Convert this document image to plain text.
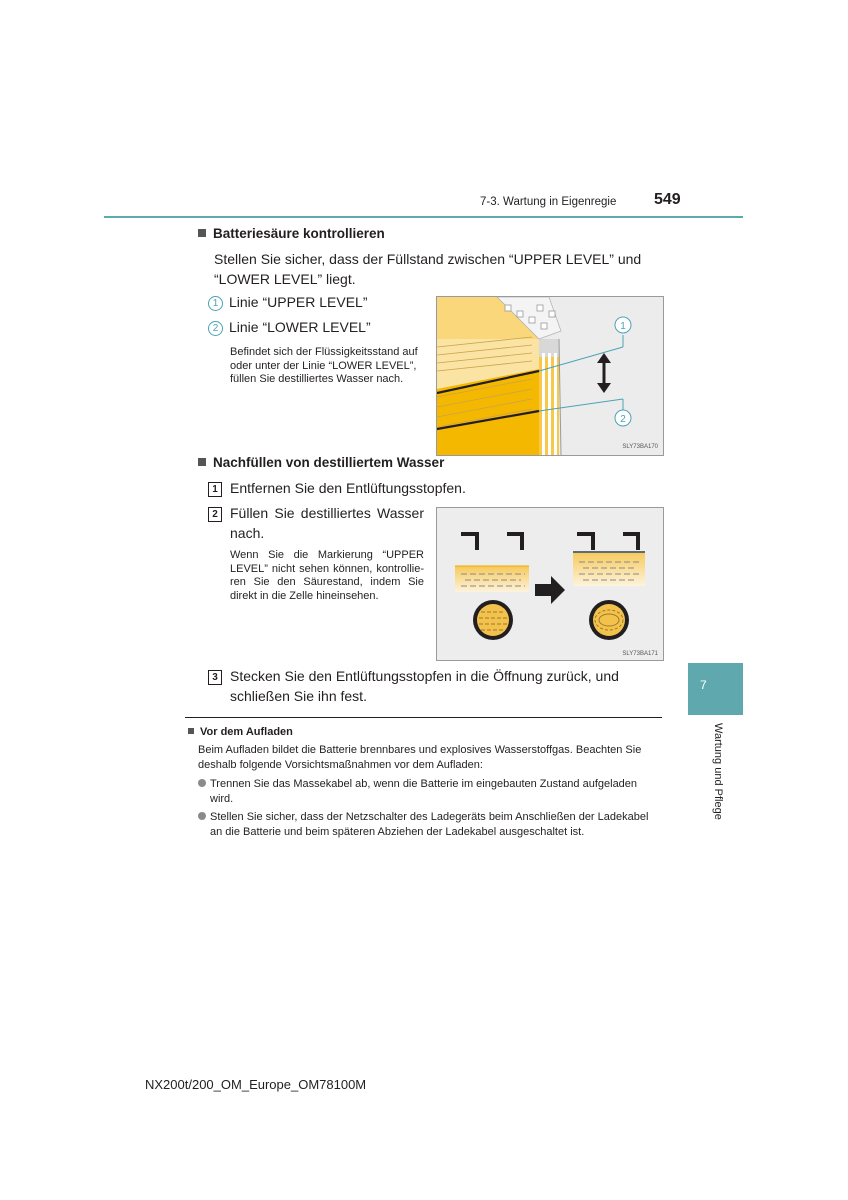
7-3. Wartung in Eigenregie 549
Batteriesäure kontrollieren
Stellen Sie sicher, dass der Füllstand zwischen “UPPER LEVEL” und “LOWER LEVEL” liegt.
1 Linie “UPPER LEVEL”
2 Linie “LOWER LEVEL”
Befindet sich der Flüssigkeitsstand auf oder unter der Linie “LOWER LEVEL”, füllen Sie destilliertes Wasser nach.
1
2
SLY73BA170
Nachfüllen von destilliertem Wasser
1 Entfernen Sie den Entlüftungsstopfen.
2 Füllen Sie destilliertes Wasser nach.
Wenn Sie die Markierung “UPPER LEVEL” nicht sehen können, kontrollie-ren Sie den Säurestand, indem Sie direkt in die Zelle hineinsehen.
SLY73BA171
3 Stecken Sie den Entlüftungsstopfen in die Öffnung zurück, und schließen Sie ihn fest.
7
Wartung und Pflege
Vor dem Aufladen
Beim Aufladen bildet die Batterie brennbares und explosives Wasserstoffgas. Beachten Sie deshalb folgende Vorsichtsmaßnahmen vor dem Aufladen:
Trennen Sie das Massekabel ab, wenn die Batterie im eingebauten Zustand aufgeladen wird.
Stellen Sie sicher, dass der Netzschalter des Ladegeräts beim Anschließen der Ladekabel an die Batterie und beim späteren Abziehen der Ladekabel ausgeschaltet ist.
NX200t/200_OM_Europe_OM78100M
